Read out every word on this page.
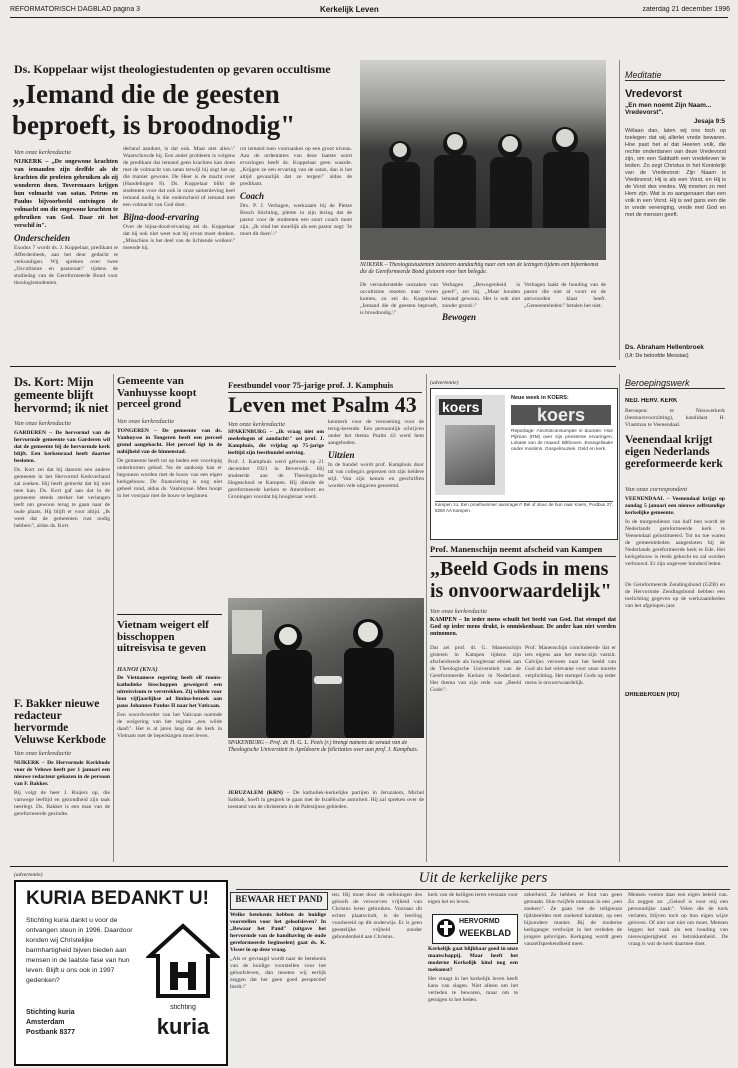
REFORMATORISCH DAGBLAD pagina 3	Kerkelijk Leven	zaterdag 21 december 1996
Ds. Koppelaar wijst theologiestudenten op gevaren occultisme
„Iemand die de geesten beproeft, is broodnodig"
Van onze kerkredactie

NIJKERK – „De ongewone krachten van iemanden zijn deelfde als de krachten die profeten gebruiken als zij wonderen doen. Toverenaars krijgen hun volmacht van satan. Petrus en Paulus bijvoorbeeld ontvingen de volmacht om die ongewone krachten te gebruiken van God. Daar zit het verschil in".

Onderscheiden

Exodus 7 wordt ds. J. Koppelaar, predikant te Afferdenbeek, aan het deur gedacht te verkondigen. Wij spreken over twee „Occultisme en pastoraat\" tijdens de studiedag van de Gereformeerde Bond voor theologiestudenten.

derland aandoet, is dat ook. Maar niet alles.\" Waarschuwde hij. Een ander probleem is volgens de predikant dat iemand geen krachten kan doen met de volmacht van satan terwijl hij zegt het op die manier gewone. De Heer is de macht over (Handelingen 8). Ds. Koppelaar blikt de studenten voor dat ook in onze samenleving heel iemand nodig is die onderscheid of iemand met een volmacht van God doet.

Bijna-dood-ervaring

Over de bijna-dood-ervaring zei ds. Koppelaar dat hij ook niet weet wat hij ervan moet denken. „Misschien is het deel van de lichtende wolken\" meende hij.

rot iemand toen voornaakes op een groot niveau. Aan de ordentaties van deze laatste soort ervaringen beeft ds. Koppelaar geen waarde. „Krijgen ze een ervaring van de satan, dan is het altijd gevaarlijk dat ze tergen\" aldus de predikant.

Coach

Drs. P. J. Verhagen, werkzaam bij de Pietze Bosch Stichting, pleitte in zijn lezing dat de pastor voor de studenten een soort coach moet zijn. „Ik vind het moeilijk als een pastor zegt: 'Je moet dit doen'.\"

NIJKERK – Theologiestudenten luisteren aandachtig naar een van de lezingen tijdens een bijeenkomst die de Gereformeerde Bond gistoren voor hen belegde.

De veronderstelde oorzaken van occultisme moeten naar voren komen, zo zei ds. Koppelaar. „Iemand die de geesten beproeft, is broodnodig.\"

Verhagen „Bewogenheid is goed\", zei hij. „Maar houden iemand gewoon. Het is ook niet zonder grond.\"

Bewogen

Verhagen laakt de houding van de pastor die niet al voort en de antwoorden klaar heeft. „Gemeenteleden\" betalen het niet.

Meditatie
Vredevorst
„En men noemt Zijn Naam... Vredevorst".
Jesaja 9:5

Wélaan dan, laten wij ons toch op toelegen dat wij allerlei vrede bewaren. Hoe past het al dat Heeren volk, die rechte onderdanen van deze Vredevorst zijn, om een Sabbath een vredeleven te leiden. Zo zegt Christus in het Koninkrijk van de Vredevorst: Zijn Naam is Vredevorst; Hij is als een Vorst, en Hij is de Vorst des vredes. Wij moeten zo met Hem zijn. Wat is zo aangenaam dan een volk in een Vorst. Hij is wel gans een die in vrede vereniging, vrede met God en met de mensen geeft.

Ds. Abraham Hellenbroek
(Ut: De beloofde Messias)
Ds. Kort: Mijn gemeente blijft hervormd; ik niet
Van onze kerkredactie

GARDEREN – De hervormd van de hervormde gemeente van Garderen wil dat de gemeente bij de hervormde kerk blijft. Een kerkenraad heeft daartoe besloten.

Ds. Kort zei dat hij daarom een andere gemeente in het Hervormd Kerkverband zal zoeken. Hij heeft gemerkt dat hij niet mee kan. Ds. Kort gaf aan dat in de gemeente steeds sterker het verlangen leeft om gewoon terug te gaan naar de oude plaats. Hij blijft er voor altijd. „Ik weet dat de gemeenten rust nodig hebben\", aldus ds. Kort.

F. Bakker nieuwe redacteur hervormde Veluwse Kerkbode
Van onze kerkredactie

NIJKERK – De Hervormde Kerkbode voor de Veluwe heeft per 1 januari een nieuwe redacteur gekozen in de persoon van F. Bakker.

Bij volgt de heer J. Ruijers op, die vanwege leeftijd en gezondheid zijn taak neerlegt. Ds. Bakker is een man van de gereformeerde gezindte.

Gemeente van Vanhuysse koopt perceel grond
Van onze kerkredactie

TONGEREN – De gemeente van ds. Vanhuysse in Tongeren heeft een perceel grond aangekocht. Het perceel ligt in de nabijheid van de binnenstad.

De gemeente heeft tot op heden een voorlopig onderkomen gehad. Na de aankoop kan er begonnen worden met de bouw van een eigen kerkgebouw. De financiering is nog niet geheel rond, aldus ds. Vanhuysse. Men hoopt in het voorjaar met de bouw te beginnen.

Vietnam weigert elf bisschoppen uitreisvisa te geven
HANOI (KNA)

De Vietnamese regering heeft elf rooms-katholieke bisschoppen geweigerd een uitreisvisum te verstrekken. Zij wilden voor hun vijfjaarlijkse ad limina-bezoek aan paus Johannes Paulus II naar het Vaticaan.

Een woordvoerder van het Vaticaan noemde de weigering van het regime „een wilde daad\". Het is al jaren lang dat de kerk in Vietnam met de beperkingen moet leven.

Feestbundel voor 75-jarige prof. J. Kamphuis
Leven met Psalm 43
Van onze kerkredactie

SPAKENBURG – „Ik vraag niet om mededogen of aandacht\" zei prof. J. Kamphuis, die vrijdag op 75-jarige leeftijd zijn feestbundel ontving.

Prof. J. Kamphuis werd geboren op 21 december 1921 in Beverwijk. Hij studeerde aan de Theologische Hogeschool te Kampen. Hij diende de gereformeerde kerken te Amersfoort en Groningen voordat hij hoogleraar werd.

kenmerk voor de verzoening voor de terug-kerende. Een persoonlijk schrijven onder het thema Psalm 43 werd hem aangeboden.

Uitzien

In de bundel wordt prof. Kamphuis door tal van collega's geprezen om zijn heldere stijl. Van zijn kennis en geschriften worden vele uitgaven genoemd.

SPAKENBURG – Prof. dr. H. G. L. Peels (r.) brengt namens de senaat van de Theologische Universiteit in Apeldoorn de felicitaties over aan prof. J. Kamphuis.

JERUZALEM (KRN) – De katholiek-kerkelijke partijen in Jeruzalem, Michel Sabbah, hoeft in gesprek te gaan met de Israëlische autoriteit. Hij zal spreken over de toestand van de christenen in de Palestijnse gebieden.

(advertentie)
koers
Neue week in KOERS:
koers

Reportage: Alcoholconsumptie in duurder. Hoe Pijlman (RM) over zijn priesterse ervaringen. Lokatie van de maand: Bilthoven. Evangelisatie onder moslims. Gospelmuziek. Geld en kerk.

Kampen zo. Een proefnummer aanvragen? Bel of stuur de bon naar Koers, Postbus 27, 8260 AA Kampen.

Prof. Manenschijn neemt afscheid van Kampen
„Beeld Gods in mens is onvoorwaardelijk"
Van onze kerkredactie

KAMPEN – In ieder mens schuilt het beeld van God. Dat stempel dat God op ieder mens drukt, is onmiskenbaar. De ander kan niet worden ontnomen.

Dat zei prof. dr. G. Manenschijn gisteren in Kampen tijdens zijn afscheidsrede als hoogleraar ethiek aan de Theologische Universiteit van de Gereformeerde Kerken in Nederland. Het thema van zijn rede was „Beeld Gods\".

Prof. Manenschijn concludeerde dat er iets eigens aan het mens-zijn vastzit. Calvijns verwees naar het beeld van God als het relevante voor onze morele verplichting. Het stempel Gods op ieder mens is onvoorwaardelijk.

Beroepingswerk
NED. HERV. KERK

Beroepen: te Nieuwerkerk (bestuursvoorzitting), kandidaat H. Vlastman te Veenendaal.

Veenendaal krijgt eigen Nederlands gereformeerde kerk
Van onze correspondent

VEENENDAAL – Veenendaal krijgt op zondag 5 januari een nieuwe zelfstandige kerkelijke gemeente.

In de morgendienst van half tien wordt de Nederlands gereformeerde kerk te Veenendaal geïnstitueerd. Tot nu toe waren de gemeenteleden aangesloten bij de Nederlands gereformeerde kerk te Ede. Het kerkgebouw is reeds gekocht en zal worden verbouwd. Er zijn ongeveer honderd leden.

DRIEBERGEN (RD)

De Gereformeerde Zendingsbond (GZB) en de Hervormde Zendingsbond hebben een toelichting gegeven op de werkzaamheden van het afgelopen jaar.

(advertentie)
KURIA BEDANKT U!
Stichting kuria dankt u voor de ontvangen steun in 1996. Daardoor konden wij Christelijke barmhartigheid bijven bieden aan mensen in de laatste fase van hun leven. Blijft u ons ook in 1997 gedenken?
Stichting kuria
Amsterdam
Postbank 8377
stichting
kuria
Uit de kerkelijke pers
BEWAAR HET PAND

Welke betekenis hebben de huidige voorstellen voor het geloofsleven? In „Bewaar het Pand" (uitgave het hervormde van de handhaving de oude gereformeerde beginselen) gaat ds. K. Visser in op deze vraag.

„Als er gevraagd wordt naar de betekenis van de huidige voorstellen voor het geloofsleven, dan moeten wij eerlijk zeggen dat het geen goed perspectief biedt.\"

ten. Hij moet door de oefeningen des geloofs de verworven vrijheid van Christus leren gebruiken. Vooraan dit echter plaatsvindt, is de leerling voorbereid op dit onderwijs. Er is geen geestelijke vrijheid zonder gebondenheid aan Christus.

kerk van de heiligen leren verstaan voor eigen het en leven.

HERVORMD
WEEKBLAD

Kerkelijk gaat blijkbaar goed in onze maatschappij. Maar heeft het moderne Kerkelijk kind nog een toekomst?

Het vraagt in het kerkelijk leven heeft kans van slagen. Niet alleen om het verleden te bewaren, maar om te getuigen in het heden.

zekerheid. Ze hebben er fout van geen gemaakt. Hun twijfels ontstaan in een „een zoeken\". Ze gaan toe de religieuze tijdsbeelden met zoekend karakter, op een bijzondere manier. Bij de moderne kerkganger verdwijnt in het verleden de jongere gelovigen. Kerkgang wordt geen vanzelfsprekendheid meer.

Mensen voeren daar een eigen beleid van. Zo zeggen ze: „Geloof is voor mij een persoonlijke zaak\". Velen die de kerk verlaten, blijven toch op hun eigen wijze geloven. Of niet wat niet om moet. Mensen leggen het vaak als een houding van nieuwsgierigheid en betrokkenheid. De vraag is wat de kerk daarmee doet.
